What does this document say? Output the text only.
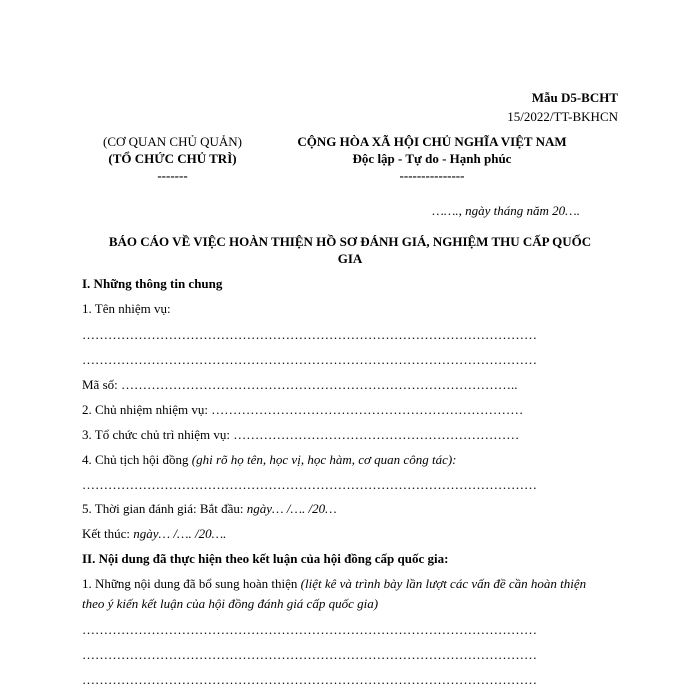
Mẫu D5-BCHT
15/2022/TT-BKHCN
(CƠ QUAN CHỦ QUẢN)
(TỔ CHỨC CHỦ TRÌ)
-------
CỘNG HÒA XÃ HỘI CHỦ NGHĨA VIỆT NAM
Độc lập - Tự do - Hạnh phúc
---------------
……., ngày tháng năm 20….
BÁO CÁO VỀ VIỆC HOÀN THIỆN HỒ SƠ ĐÁNH GIÁ, NGHIỆM THU CẤP QUỐC
GIA
I. Những thông tin chung
1. Tên nhiệm vụ:
……………………………………………………………………………………………
……………………………………………………………………………………………
Mã số: ………………………………………………………………………………..
2. Chủ nhiệm nhiệm vụ: ………………………………………………………………
3. Tổ chức chủ trì nhiệm vụ: …………………………………………………………
4. Chủ tịch hội đồng (ghi rõ họ tên, học vị, học hàm, cơ quan công tác):
……………………………………………………………………………………………
5. Thời gian đánh giá: Bắt đầu: ngày… /…. /20…
Kết thúc: ngày… /…. /20….
II. Nội dung đã thực hiện theo kết luận của hội đồng cấp quốc gia:
1. Những nội dung đã bổ sung hoàn thiện (liệt kê và trình bày lần lượt các vấn đề cần hoàn thiện
theo ý kiến kết luận của hội đồng đánh giá cấp quốc gia)
……………………………………………………………………………………………
……………………………………………………………………………………………
……………………………………………………………………………………………
